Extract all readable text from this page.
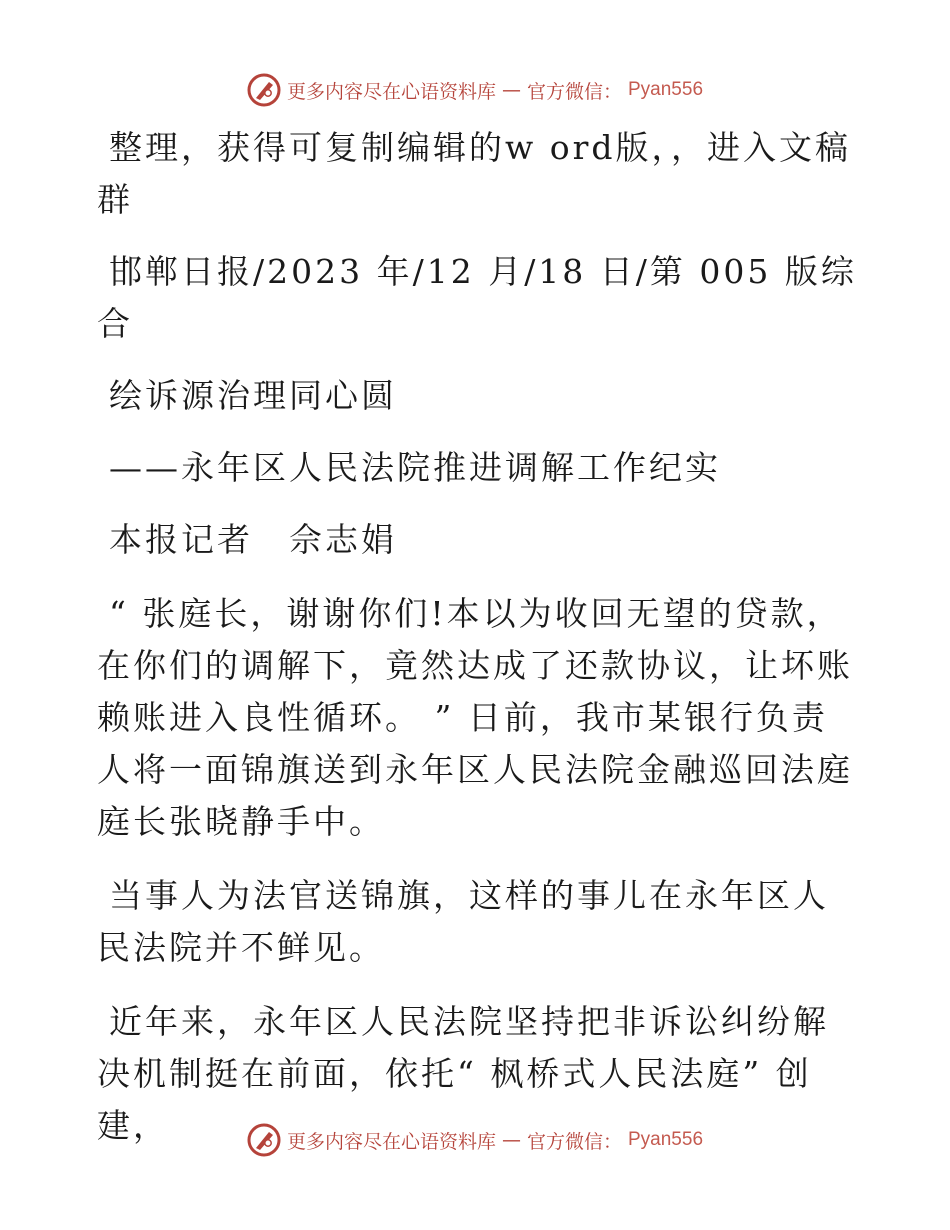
更多内容尽在心语资料库 — 官方微信： Pyan556

整理，获得可复制编辑的w ord版，，进入文稿群

邯郸日报/2023 年/12 月/18 日/第 005 版综合

绘诉源治理同心圆

——永年区人民法院推进调解工作纪实

本报记者　佘志娟

“ 张庭长，谢谢你们!本以为收回无望的贷款，在你们的调解下，竟然达成了还款协议，让坏账赖账进入良性循环。 ” 日前，我市某银行负责人将一面锦旗送到永年区人民法院金融巡回法庭庭长张晓静手中。

当事人为法官送锦旗，这样的事儿在永年区人民法院并不鲜见。

近年来，永年区人民法院坚持把非诉讼纠纷解决机制挺在前面，依托“ 枫桥式人民法庭” 创建，	更多内容尽在心语资料库 — 官方微信： Pyan556
